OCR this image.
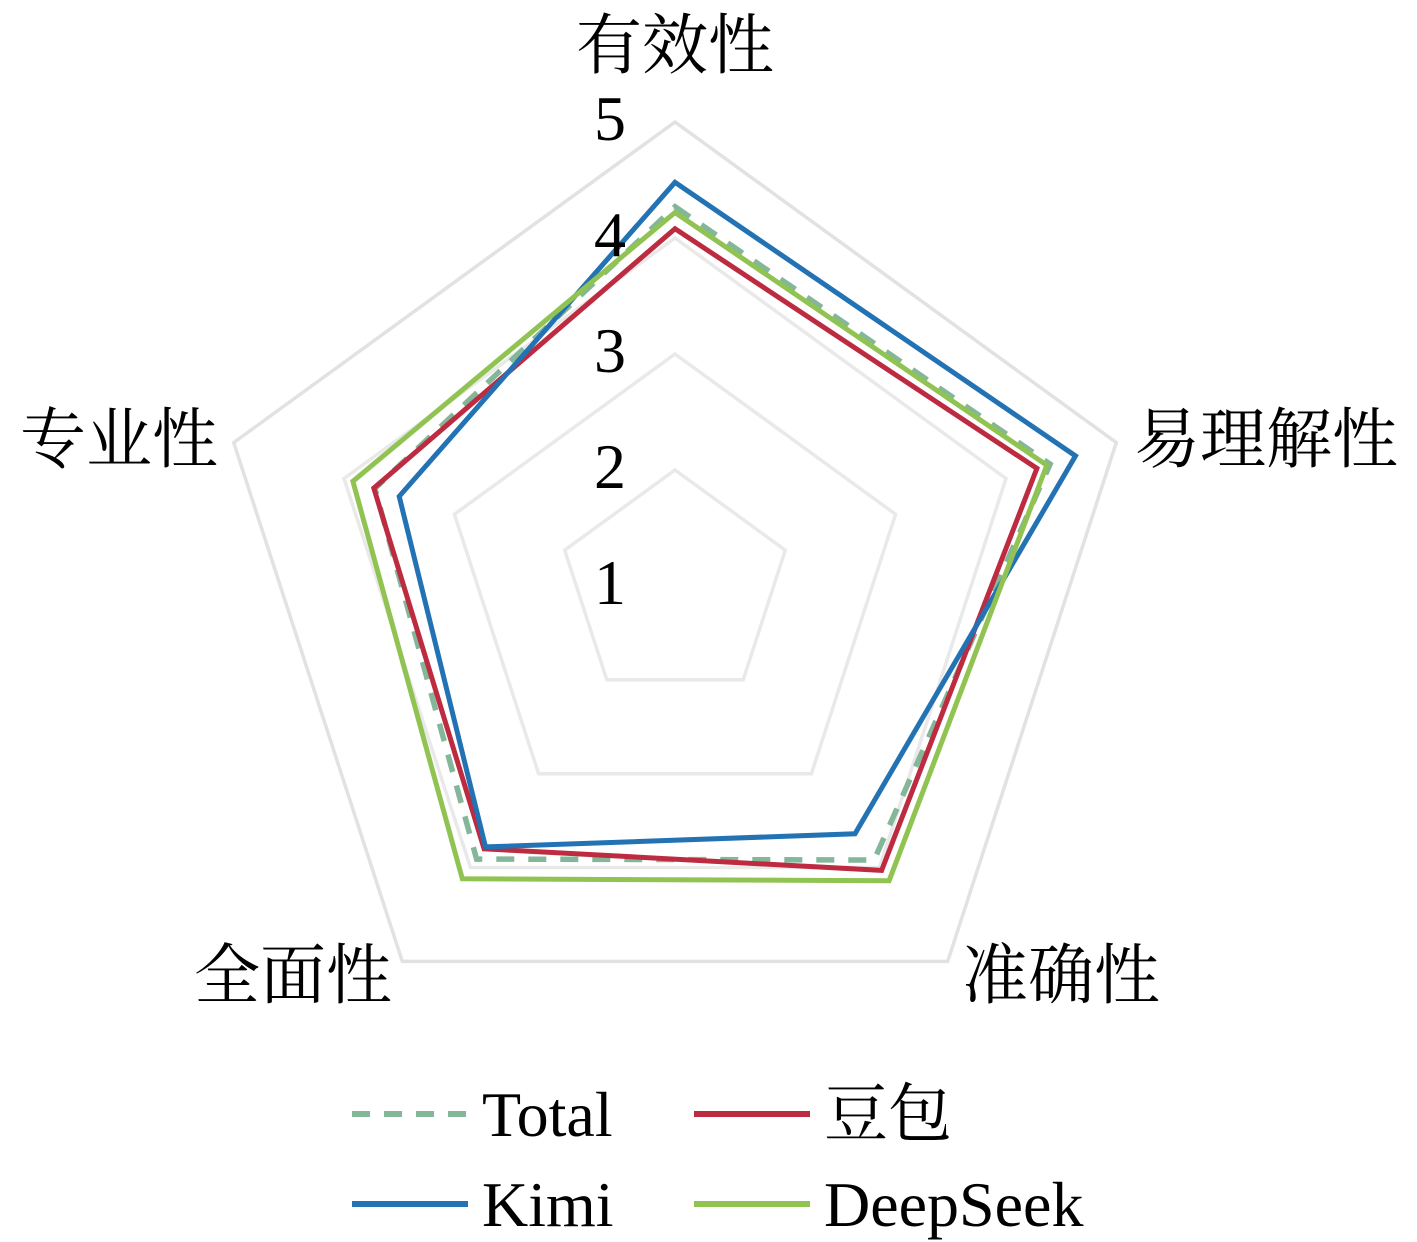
1
2
3
4
5
有效性
易理解性
准确性
全面性
专业性
Total	豆包
Kimi	DeepSeek
